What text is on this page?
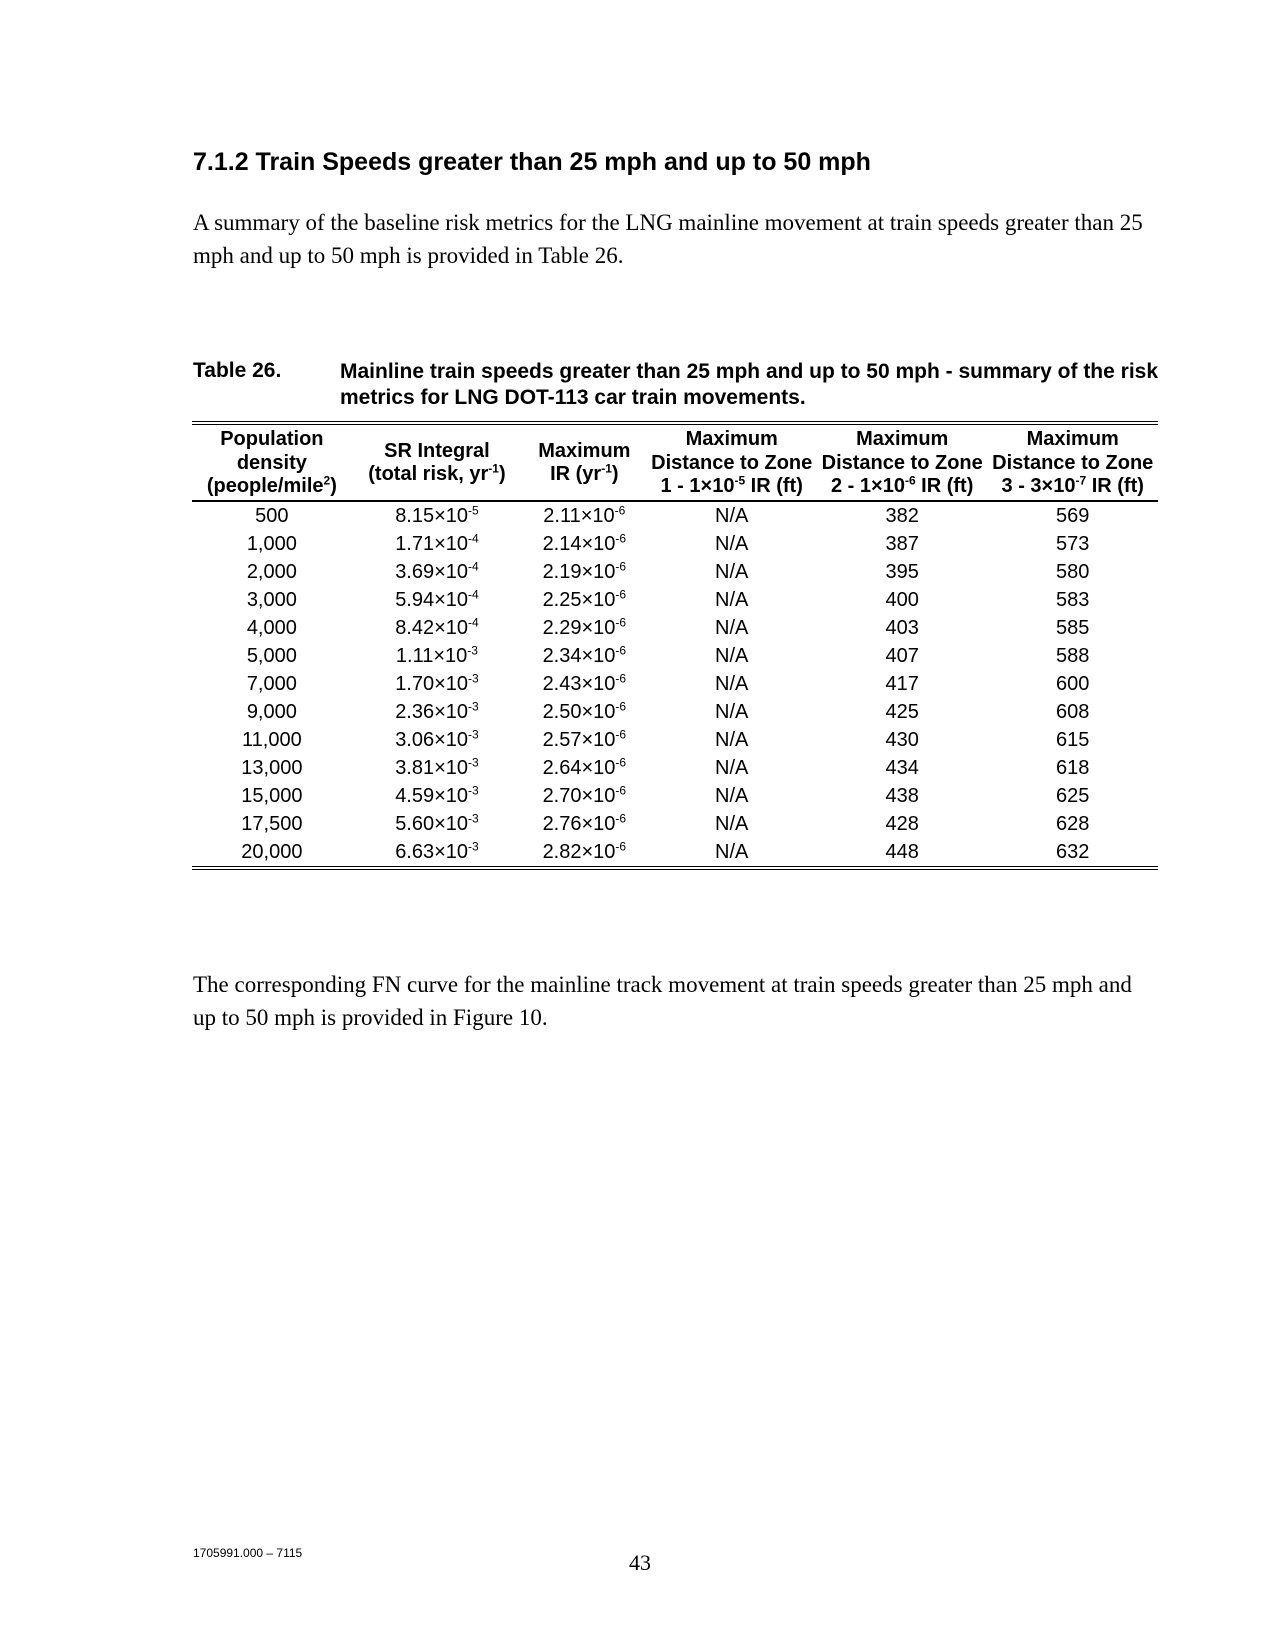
7.1.2 Train Speeds greater than 25 mph and up to 50 mph

A summary of the baseline risk metrics for the LNG mainline movement at train speeds greater than 25 mph and up to 50 mph is provided in Table 26.

Table 26.	Mainline train speeds greater than 25 mph and up to 50 mph - summary of the risk metrics for LNG DOT-113 car train movements.
Population density (people/mile$^2$)	SR Integral (total risk, $yr^{-1}$)	Maximum IR $(yr^{-1})$	Maximum Distance to Zone $1 - 1\times 10^{-5}$ IR (ft)	Maximum Distance to Zone $2 - 1\times 10^{-6}$ IR (ft)	Maximum Distance to Zone $3 - 3\times 10^{-7}$ IR (ft)
500	$8.15\times 10^{-5}$	$2.11\times 10^{-6}$	N/A	382	569
1,000	$1.71\times 10^{-4}$	$2.14\times 10^{-6}$	N/A	387	573
2,000	$3.69\times 10^{-4}$	$2.19\times 10^{-6}$	N/A	395	580
3,000	$5.94\times 10^{-4}$	$2.25\times 10^{-6}$	N/A	400	583
4,000	$8.42\times 10^{-4}$	$2.29\times 10^{-6}$	N/A	403	585
5,000	$1.11\times 10^{-3}$	$2.34\times 10^{-6}$	N/A	407	588
7,000	$1.70\times 10^{-3}$	$2.43\times 10^{-6}$	N/A	417	600
9,000	$2.36\times 10^{-3}$	$2.50\times 10^{-6}$	N/A	425	608
11,000	$3.06\times 10^{-3}$	$2.57\times 10^{-6}$	N/A	430	615
13,000	$3.81\times 10^{-3}$	$2.64\times 10^{-6}$	N/A	434	618
15,000	$4.59\times 10^{-3}$	$2.70\times 10^{-6}$	N/A	438	625
17,500	$5.60\times 10^{-3}$	$2.76\times 10^{-6}$	N/A	428	628
20,000	$6.63\times 10^{-3}$	$2.82\times 10^{-6}$	N/A	448	632

The corresponding FN curve for the mainline track movement at train speeds greater than 25 mph and up to 50 mph is provided in Figure 10.

1705991.000 – 7115	43
